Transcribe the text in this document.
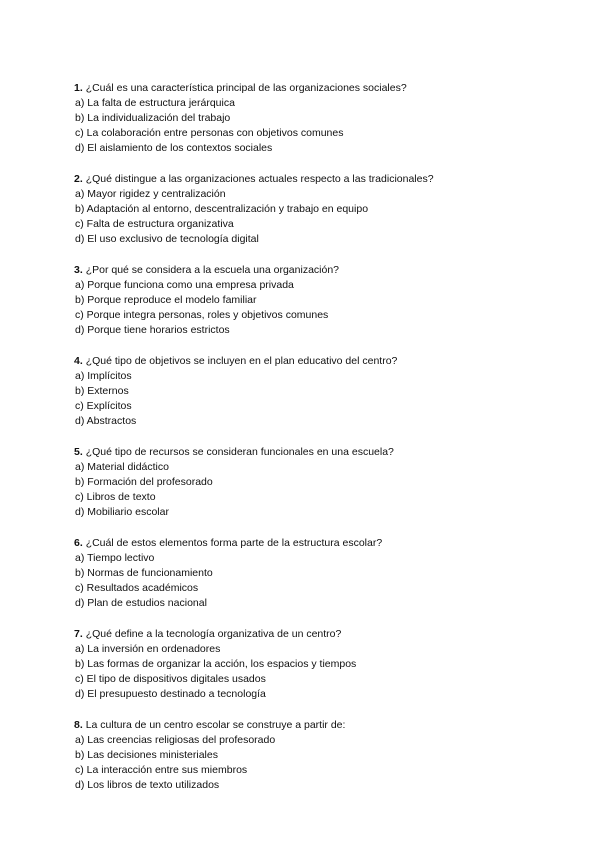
1. ¿Cuál es una característica principal de las organizaciones sociales?
a) La falta de estructura jerárquica
b) La individualización del trabajo
c) La colaboración entre personas con objetivos comunes
d) El aislamiento de los contextos sociales
2. ¿Qué distingue a las organizaciones actuales respecto a las tradicionales?
a) Mayor rigidez y centralización
b) Adaptación al entorno, descentralización y trabajo en equipo
c) Falta de estructura organizativa
d) El uso exclusivo de tecnología digital
3. ¿Por qué se considera a la escuela una organización?
a) Porque funciona como una empresa privada
b) Porque reproduce el modelo familiar
c) Porque integra personas, roles y objetivos comunes
d) Porque tiene horarios estrictos
4. ¿Qué tipo de objetivos se incluyen en el plan educativo del centro?
a) Implícitos
b) Externos
c) Explícitos
d) Abstractos
5. ¿Qué tipo de recursos se consideran funcionales en una escuela?
a) Material didáctico
b) Formación del profesorado
c) Libros de texto
d) Mobiliario escolar
6. ¿Cuál de estos elementos forma parte de la estructura escolar?
a) Tiempo lectivo
b) Normas de funcionamiento
c) Resultados académicos
d) Plan de estudios nacional
7. ¿Qué define a la tecnología organizativa de un centro?
a) La inversión en ordenadores
b) Las formas de organizar la acción, los espacios y tiempos
c) El tipo de dispositivos digitales usados
d) El presupuesto destinado a tecnología
8. La cultura de un centro escolar se construye a partir de:
a) Las creencias religiosas del profesorado
b) Las decisiones ministeriales
c) La interacción entre sus miembros
d) Los libros de texto utilizados
